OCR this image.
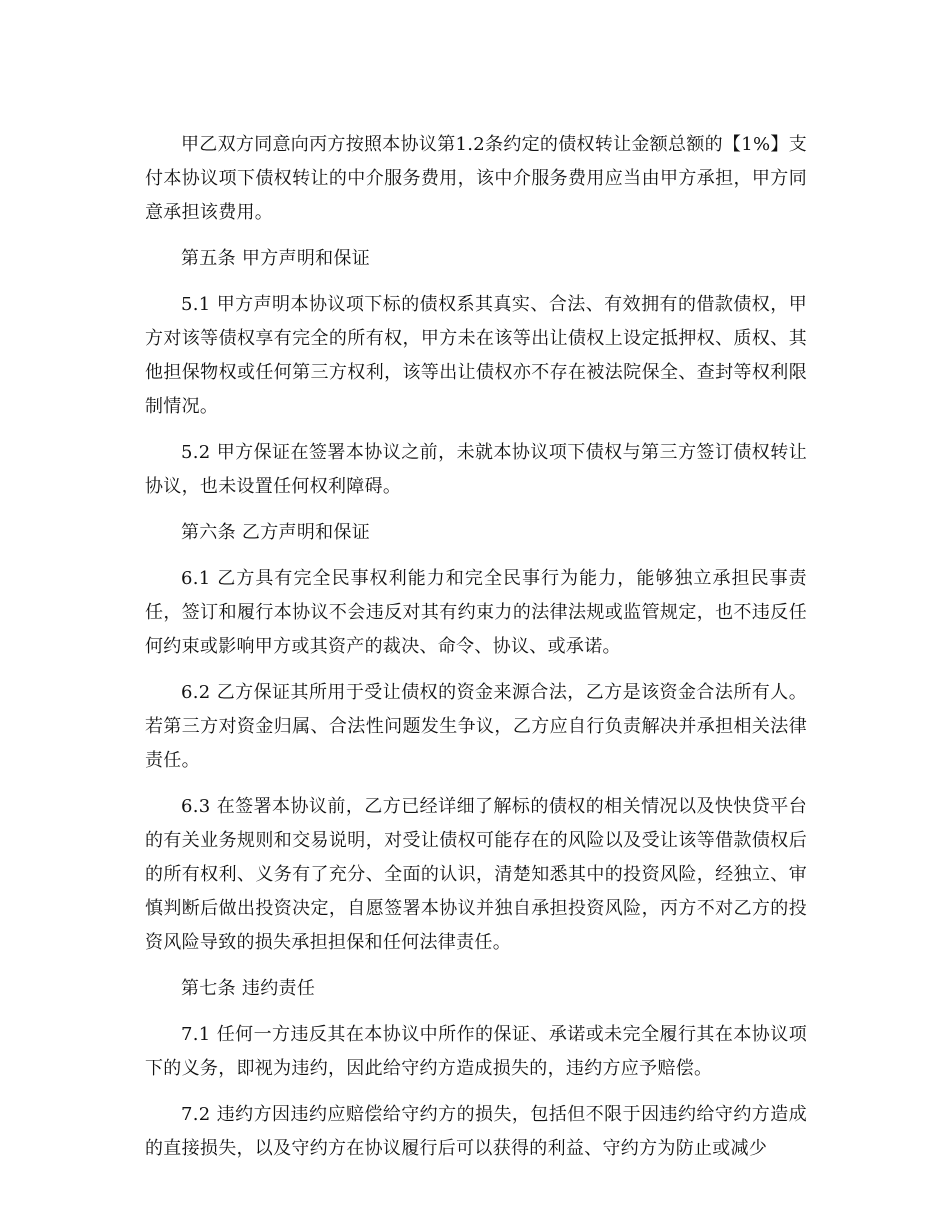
甲乙双方同意向丙方按照本协议第1.2条约定的债权转让金额总额的【1%】支付本协议项下债权转让的中介服务费用，该中介服务费用应当由甲方承担，甲方同意承担该费用。

第五条 甲方声明和保证

5.1 甲方声明本协议项下标的债权系其真实、合法、有效拥有的借款债权，甲方对该等债权享有完全的所有权，甲方未在该等出让债权上设定抵押权、质权、其他担保物权或任何第三方权利，该等出让债权亦不存在被法院保全、查封等权利限制情况。

5.2 甲方保证在签署本协议之前，未就本协议项下债权与第三方签订债权转让协议，也未设置任何权利障碍。

第六条 乙方声明和保证

6.1 乙方具有完全民事权利能力和完全民事行为能力，能够独立承担民事责任，签订和履行本协议不会违反对其有约束力的法律法规或监管规定，也不违反任何约束或影响甲方或其资产的裁决、命令、协议、或承诺。

6.2 乙方保证其所用于受让债权的资金来源合法，乙方是该资金合法所有人。若第三方对资金归属、合法性问题发生争议，乙方应自行负责解决并承担相关法律责任。

6.3 在签署本协议前，乙方已经详细了解标的债权的相关情况以及快快贷平台的有关业务规则和交易说明，对受让债权可能存在的风险以及受让该等借款债权后的所有权利、义务有了充分、全面的认识，清楚知悉其中的投资风险，经独立、审慎判断后做出投资决定，自愿签署本协议并独自承担投资风险，丙方不对乙方的投资风险导致的损失承担担保和任何法律责任。

第七条 违约责任

7.1 任何一方违反其在本协议中所作的保证、承诺或未完全履行其在本协议项下的义务，即视为违约，因此给守约方造成损失的，违约方应予赔偿。

7.2 违约方因违约应赔偿给守约方的损失，包括但不限于因违约给守约方造成的直接损失，以及守约方在协议履行后可以获得的利益、守约方为防止或减少
